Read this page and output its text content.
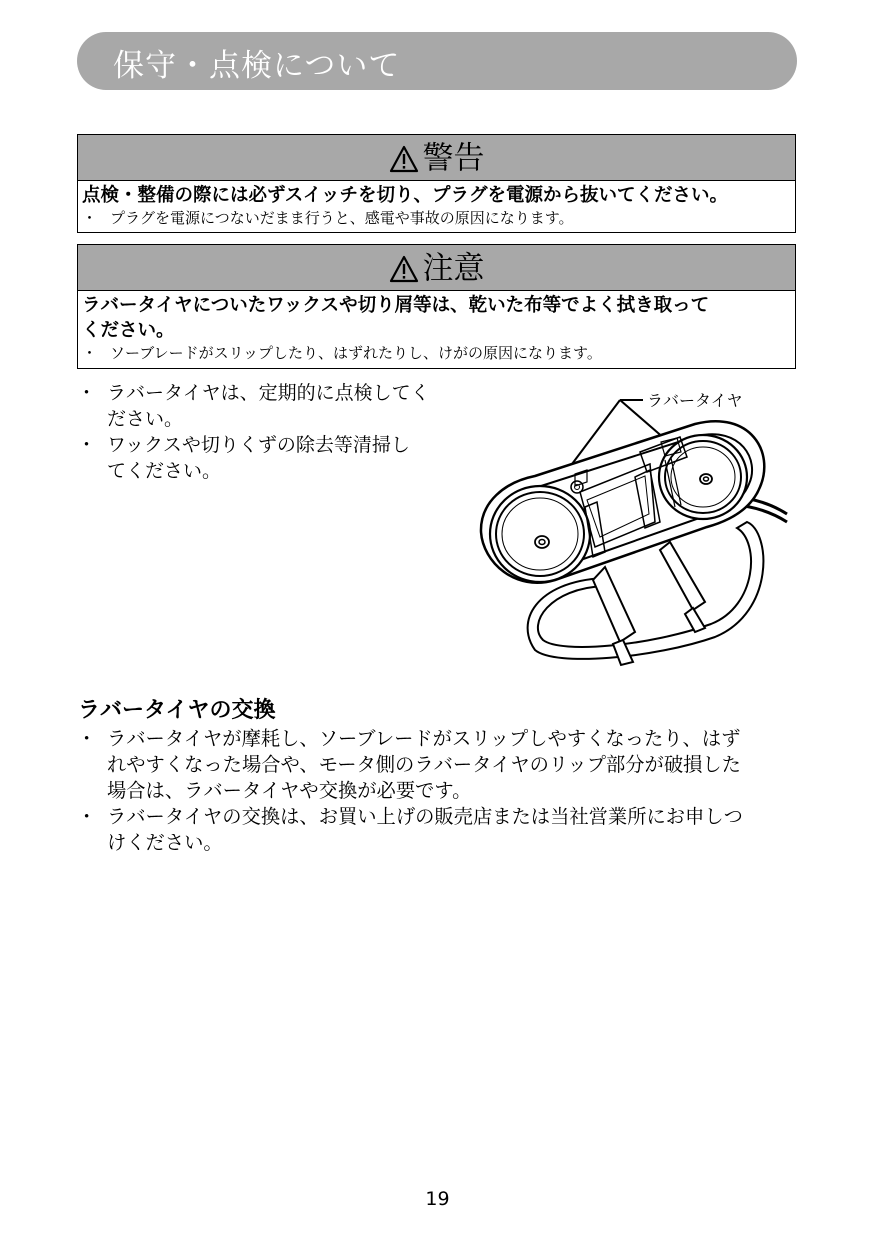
保守・点検について
警告
点検・整備の際には必ずスイッチを切り、プラグを電源から抜いてください。
・ プラグを電源につないだまま行うと、感電や事故の原因になります。
注意
ラバータイヤについたワックスや切り屑等は、乾いた布等でよく拭き取って
ください。
・ ソーブレードがスリップしたり、はずれたりし、けがの原因になります。
・ ラバータイヤは、定期的に点検してく
ださい。
・ ワックスや切りくずの除去等清掃し
てください。
ラバータイヤ
ラバータイヤの交換
・ ラバータイヤが摩耗し、ソーブレードがスリップしやすくなったり、はず
れやすくなった場合や、モータ側のラバータイヤのリップ部分が破損した
場合は、ラバータイヤや交換が必要です。
・ ラバータイヤの交換は、お買い上げの販売店または当社営業所にお申しつ
けください。
19
